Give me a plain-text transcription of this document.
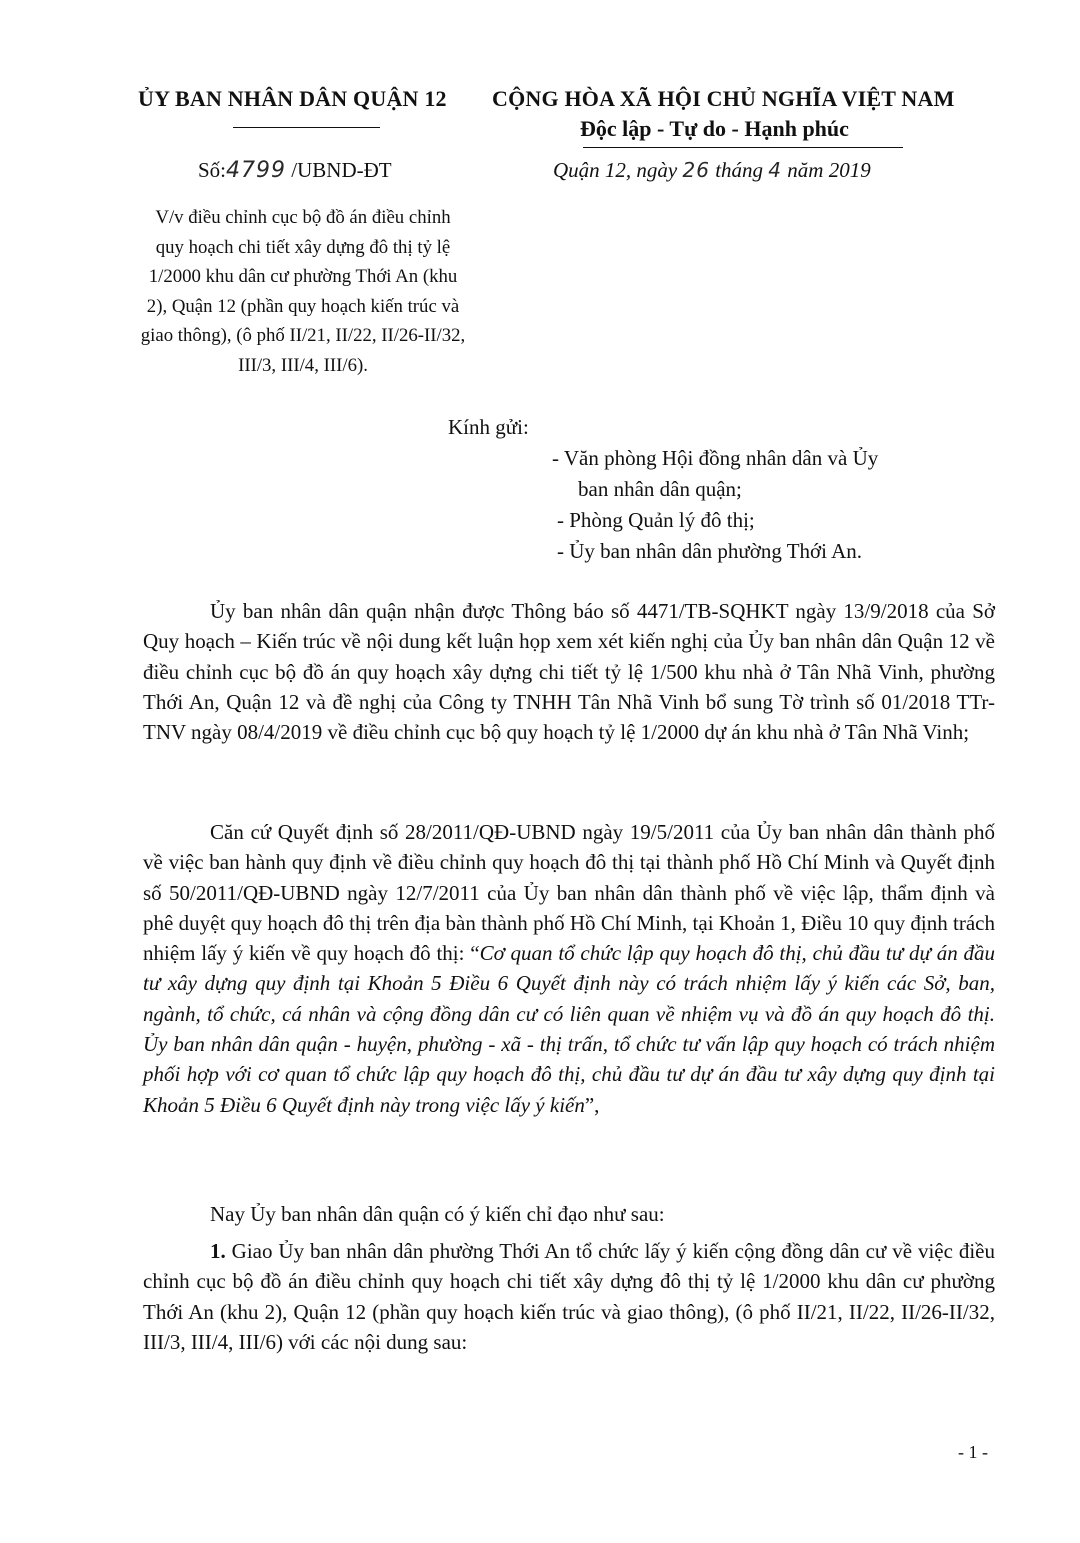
ỦY BAN NHÂN DÂN QUẬN 12 CỘNG HÒA XÃ HỘI CHỦ NGHĨA VIỆT NAM
Độc lập - Tự do - Hạnh phúc
Số:4799 /UBND-ĐT	Quận 12, ngày 26 tháng 4 năm 2019
V/v điều chỉnh cục bộ đồ án điều chỉnh quy hoạch chi tiết xây dựng đô thị tỷ lệ 1/2000 khu dân cư phường Thới An (khu 2), Quận 12 (phần quy hoạch kiến trúc và giao thông), (ô phố II/21, II/22, II/26-II/32, III/3, III/4, III/6).
Kính gửi:
- Văn phòng Hội đồng nhân dân và Ủy
ban nhân dân quận;
- Phòng Quản lý đô thị;
- Ủy ban nhân dân phường Thới An.
Ủy ban nhân dân quận nhận được Thông báo số 4471/TB-SQHKT ngày 13/9/2018 của Sở Quy hoạch – Kiến trúc về nội dung kết luận họp xem xét kiến nghị của Ủy ban nhân dân Quận 12 về điều chỉnh cục bộ đồ án quy hoạch xây dựng chi tiết tỷ lệ 1/500 khu nhà ở Tân Nhã Vinh, phường Thới An, Quận 12 và đề nghị của Công ty TNHH Tân Nhã Vinh bổ sung Tờ trình số 01/2018 TTr-TNV ngày 08/4/2019 về điều chỉnh cục bộ quy hoạch tỷ lệ 1/2000 dự án khu nhà ở Tân Nhã Vinh;
Căn cứ Quyết định số 28/2011/QĐ-UBND ngày 19/5/2011 của Ủy ban nhân dân thành phố về việc ban hành quy định về điều chỉnh quy hoạch đô thị tại thành phố Hồ Chí Minh và Quyết định số 50/2011/QĐ-UBND ngày 12/7/2011 của Ủy ban nhân dân thành phố về việc lập, thẩm định và phê duyệt quy hoạch đô thị trên địa bàn thành phố Hồ Chí Minh, tại Khoản 1, Điều 10 quy định trách nhiệm lấy ý kiến về quy hoạch đô thị: “Cơ quan tổ chức lập quy hoạch đô thị, chủ đầu tư dự án đầu tư xây dựng quy định tại Khoản 5 Điều 6 Quyết định này có trách nhiệm lấy ý kiến các Sở, ban, ngành, tổ chức, cá nhân và cộng đồng dân cư có liên quan về nhiệm vụ và đồ án quy hoạch đô thị. Ủy ban nhân dân quận - huyện, phường - xã - thị trấn, tổ chức tư vấn lập quy hoạch có trách nhiệm phối hợp với cơ quan tổ chức lập quy hoạch đô thị, chủ đầu tư dự án đầu tư xây dựng quy định tại Khoản 5 Điều 6 Quyết định này trong việc lấy ý kiến”,
Nay Ủy ban nhân dân quận có ý kiến chỉ đạo như sau:
1. Giao Ủy ban nhân dân phường Thới An tổ chức lấy ý kiến cộng đồng dân cư về việc điều chỉnh cục bộ đồ án điều chỉnh quy hoạch chi tiết xây dựng đô thị tỷ lệ 1/2000 khu dân cư phường Thới An (khu 2), Quận 12 (phần quy hoạch kiến trúc và giao thông), (ô phố II/21, II/22, II/26-II/32, III/3, III/4, III/6) với các nội dung sau:
- 1 -
